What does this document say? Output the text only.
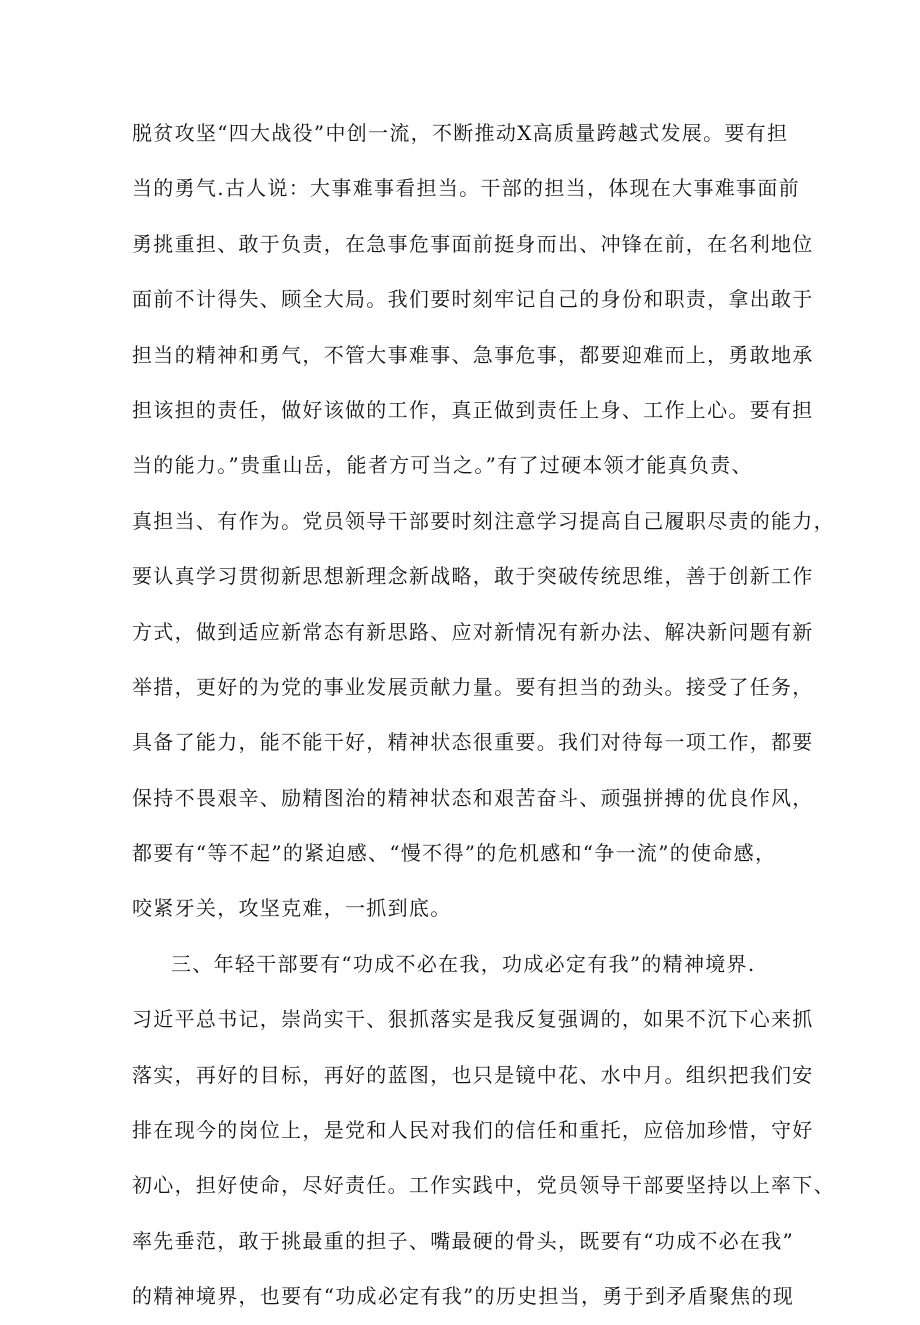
脱贫攻坚“四大战役”中创一流，不断推动X高质量跨越式发展。要有担
当的勇气.古人说：大事难事看担当。干部的担当，体现在大事难事面前
勇挑重担、敢于负责，在急事危事面前挺身而出、冲锋在前，在名利地位
面前不计得失、顾全大局。我们要时刻牢记自己的身份和职责，拿出敢于
担当的精神和勇气，不管大事难事、急事危事，都要迎难而上，勇敢地承
担该担的责任，做好该做的工作，真正做到责任上身、工作上心。要有担
当的能力。”贵重山岳，能者方可当之。”有了过硬本领才能真负责、
真担当、有作为。党员领导干部要时刻注意学习提高自己履职尽责的能力，
要认真学习贯彻新思想新理念新战略，敢于突破传统思维，善于创新工作
方式，做到适应新常态有新思路、应对新情况有新办法、解决新问题有新
举措，更好的为党的事业发展贡献力量。要有担当的劲头。接受了任务，
具备了能力，能不能干好，精神状态很重要。我们对待每一项工作，都要
保持不畏艰辛、励精图治的精神状态和艰苦奋斗、顽强拼搏的优良作风，
都要有“等不起”的紧迫感、“慢不得”的危机感和“争一流”的使命感，
咬紧牙关，攻坚克难，一抓到底。
三、年轻干部要有“功成不必在我，功成必定有我”的精神境界.
习近平总书记，崇尚实干、狠抓落实是我反复强调的，如果不沉下心来抓
落实，再好的目标，再好的蓝图，也只是镜中花、水中月。组织把我们安
排在现今的岗位上，是党和人民对我们的信任和重托，应倍加珍惜，守好
初心，担好使命，尽好责任。工作实践中，党员领导干部要坚持以上率下、
率先垂范，敢于挑最重的担子、嘴最硬的骨头，既要有“功成不必在我”
的精神境界，也要有“功成必定有我”的历史担当，勇于到矛盾聚焦的现
